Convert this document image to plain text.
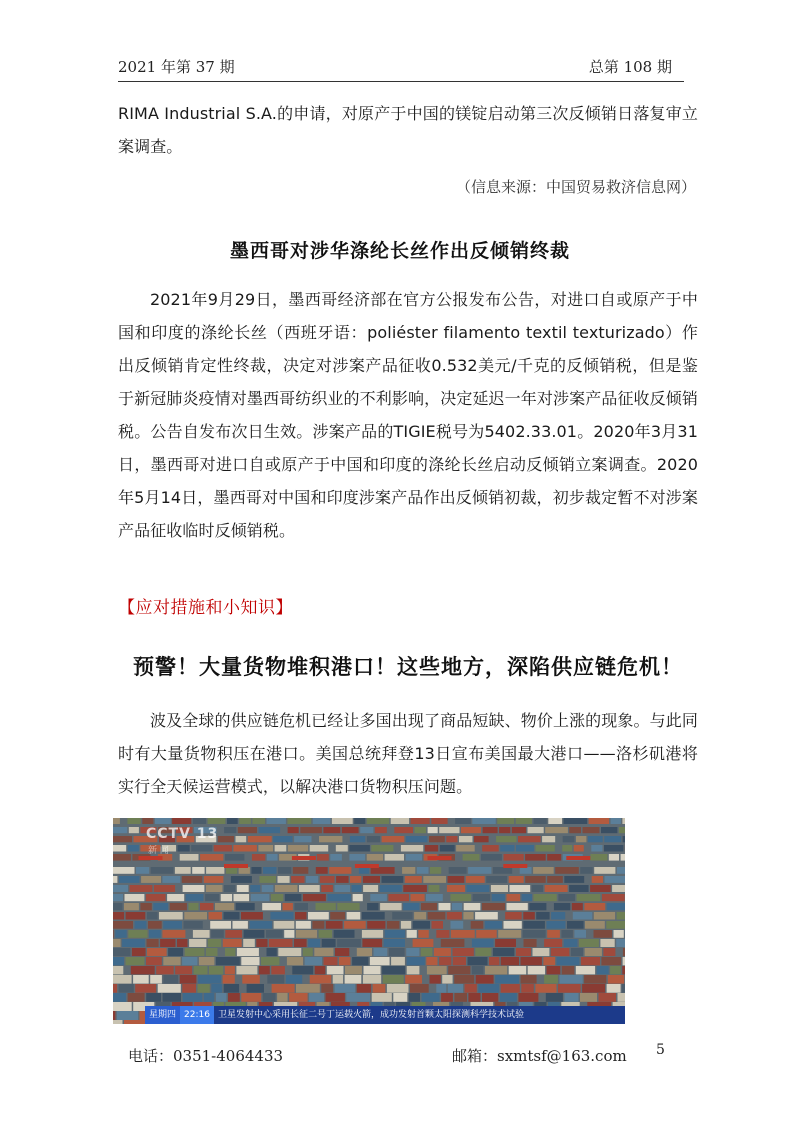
2021 年第 37 期	总第 108 期
RIMA Industrial S.A.的申请，对原产于中国的镁锭启动第三次反倾销日落复审立案调查。
（信息来源：中国贸易救济信息网）
墨西哥对涉华涤纶长丝作出反倾销终裁
2021年9月29日，墨西哥经济部在官方公报发布公告，对进口自或原产于中国和印度的涤纶长丝（西班牙语：poliéster filamento textil texturizado）作出反倾销肯定性终裁，决定对涉案产品征收0.532美元/千克的反倾销税，但是鉴于新冠肺炎疫情对墨西哥纺织业的不利影响，决定延迟一年对涉案产品征收反倾销税。公告自发布次日生效。涉案产品的TIGIE税号为5402.33.01。2020年3月31日，墨西哥对进口自或原产于中国和印度的涤纶长丝启动反倾销立案调查。2020年5月14日，墨西哥对中国和印度涉案产品作出反倾销初裁，初步裁定暂不对涉案产品征收临时反倾销税。
【应对措施和小知识】
预警！大量货物堆积港口！这些地方，深陷供应链危机！
波及全球的供应链危机已经让多国出现了商品短缺、物价上涨的现象。与此同时有大量货物积压在港口。美国总统拜登13日宣布美国最大港口——洛杉矶港将实行全天候运营模式，以解决港口货物积压问题。
CCTV 13
新 闻
星期四 22:16 卫星发射中心采用长征二号丁运载火箭，成功发射首颗太阳探测科学技术试验
电话：0351-4064433	邮箱：sxmtsf@163.com 5
